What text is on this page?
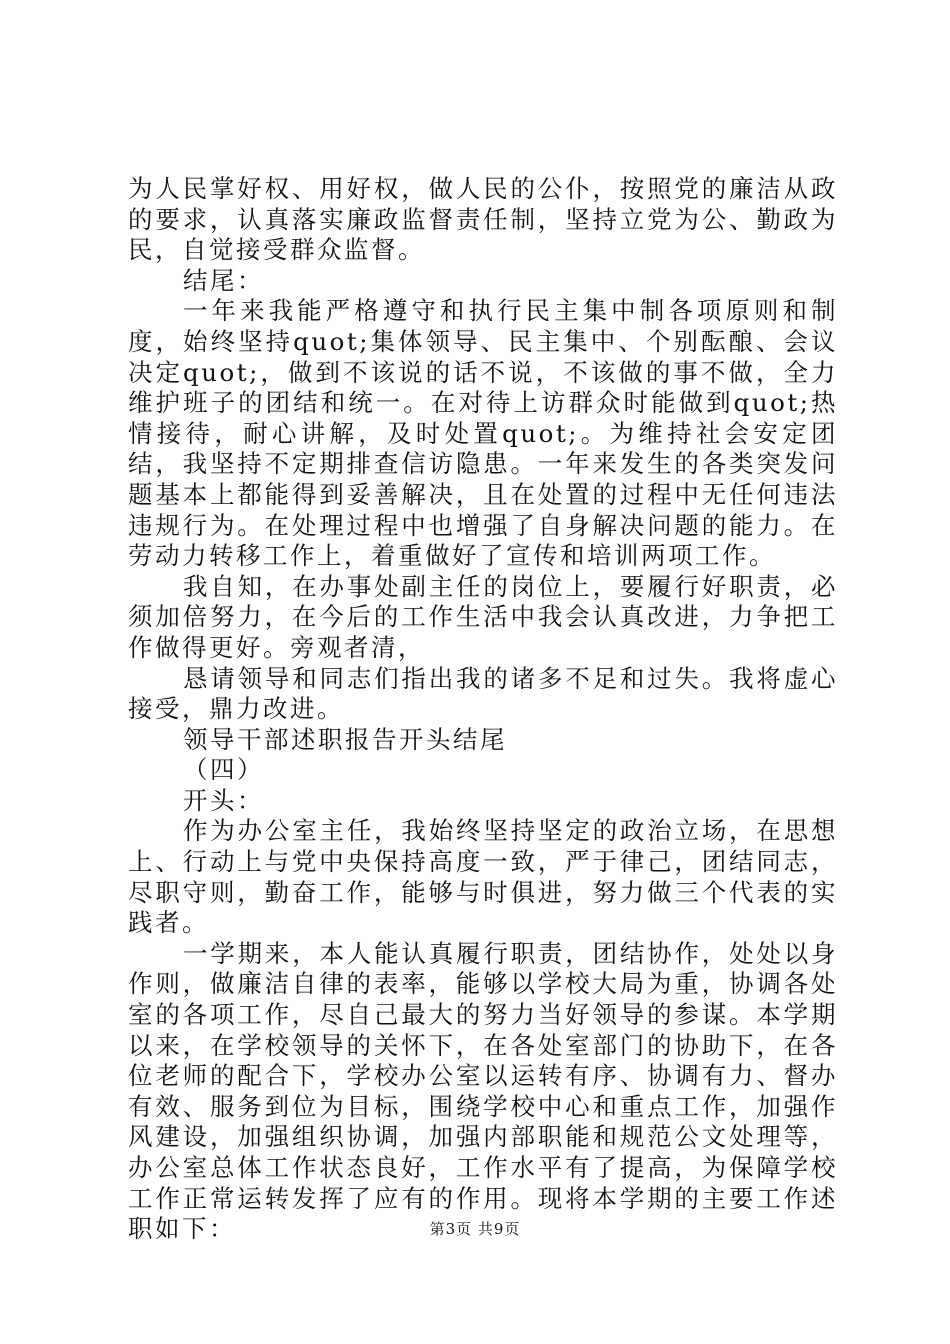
为人民掌好权、用好权，做人民的公仆，按照党的廉洁从政的要求，认真落实廉政监督责任制，坚持立党为公、勤政为民，自觉接受群众监督。

结尾：

一年来我能严格遵守和执行民主集中制各项原则和制度，始终坚持quot;集体领导、民主集中、个别酝酿、会议决定quot;，做到不该说的话不说，不该做的事不做，全力维护班子的团结和统一。在对待上访群众时能做到quot;热情接待，耐心讲解，及时处置quot;。为维持社会安定团结，我坚持不定期排查信访隐患。一年来发生的各类突发问题基本上都能得到妥善解决，且在处置的过程中无任何违法违规行为。在处理过程中也增强了自身解决问题的能力。在劳动力转移工作上，着重做好了宣传和培训两项工作。

我自知，在办事处副主任的岗位上，要履行好职责，必须加倍努力，在今后的工作生活中我会认真改进，力争把工作做得更好。旁观者清，

恳请领导和同志们指出我的诸多不足和过失。我将虚心接受，鼎力改进。

领导干部述职报告开头结尾

（四）

开头：

作为办公室主任，我始终坚持坚定的政治立场，在思想上、行动上与党中央保持高度一致，严于律己，团结同志，尽职守则，勤奋工作，能够与时俱进，努力做三个代表的实践者。

一学期来，本人能认真履行职责，团结协作，处处以身作则，做廉洁自律的表率，能够以学校大局为重，协调各处室的各项工作，尽自己最大的努力当好领导的参谋。本学期以来，在学校领导的关怀下，在各处室部门的协助下，在各位老师的配合下，学校办公室以运转有序、协调有力、督办有效、服务到位为目标，围绕学校中心和重点工作，加强作风建设，加强组织协调，加强内部职能和规范公文处理等，办公室总体工作状态良好，工作水平有了提高，为保障学校工作正常运转发挥了应有的作用。现将本学期的主要工作述职如下：	第3页 共9页
